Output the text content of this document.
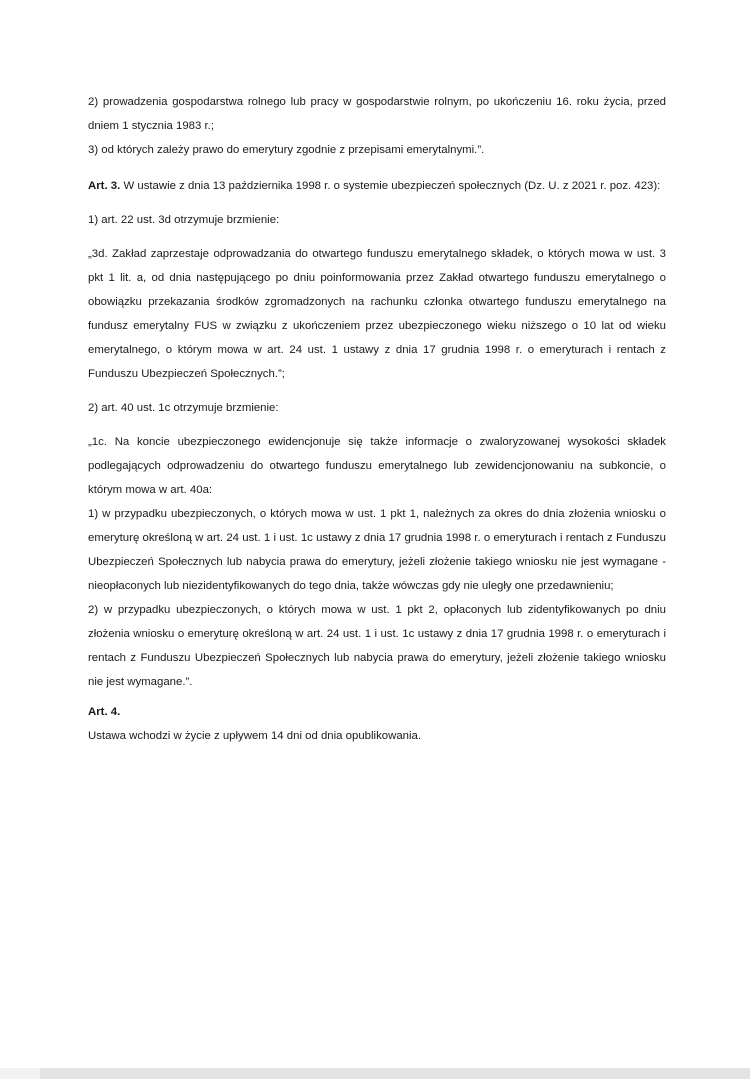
2) prowadzenia gospodarstwa rolnego lub pracy w gospodarstwie rolnym, po ukończeniu 16. roku życia, przed dniem 1 stycznia 1983 r.;

3) od których zależy prawo do emerytury zgodnie z przepisami emerytalnymi.”.

Art. 3. W ustawie z dnia 13 października 1998 r. o systemie ubezpieczeń społecznych (Dz. U. z 2021 r. poz. 423):

1) art. 22 ust. 3d otrzymuje brzmienie:

„3d. Zakład zaprzestaje odprowadzania do otwartego funduszu emerytalnego składek, o których mowa w ust. 3 pkt 1 lit. a, od dnia następującego po dniu poinformowania przez Zakład otwartego funduszu emerytalnego o obowiązku przekazania środków zgromadzonych na rachunku członka otwartego funduszu emerytalnego na fundusz emerytalny FUS w związku z ukończeniem przez ubezpieczonego wieku niższego o 10 lat od wieku emerytalnego, o którym mowa w art. 24 ust. 1 ustawy z dnia 17 grudnia 1998 r. o emeryturach i rentach z Funduszu Ubezpieczeń Społecznych.”;

2) art. 40 ust. 1c otrzymuje brzmienie:

„1c. Na koncie ubezpieczonego ewidencjonuje się także informacje o zwaloryzowanej wysokości składek podlegających odprowadzeniu do otwartego funduszu emerytalnego lub zewidencjonowaniu na subkoncie, o którym mowa w art. 40a:

1) w przypadku ubezpieczonych, o których mowa w ust. 1 pkt 1, należnych za okres do dnia złożenia wniosku o emeryturę określoną w art. 24 ust. 1 i ust. 1c ustawy z dnia 17 grudnia 1998 r. o emeryturach i rentach z Funduszu Ubezpieczeń Społecznych lub nabycia prawa do emerytury, jeżeli złożenie takiego wniosku nie jest wymagane - nieopłaconych lub niezidentyfikowanych do tego dnia, także wówczas gdy nie uległy one przedawnieniu;

2) w przypadku ubezpieczonych, o których mowa w ust. 1 pkt 2, opłaconych lub zidentyfikowanych po dniu złożenia wniosku o emeryturę określoną w art. 24 ust. 1 i ust. 1c ustawy z dnia 17 grudnia 1998 r. o emeryturach i rentach z Funduszu Ubezpieczeń Społecznych lub nabycia prawa do emerytury, jeżeli złożenie takiego wniosku nie jest wymagane.”.

Art. 4.

Ustawa wchodzi w życie z upływem 14 dni od dnia opublikowania.
